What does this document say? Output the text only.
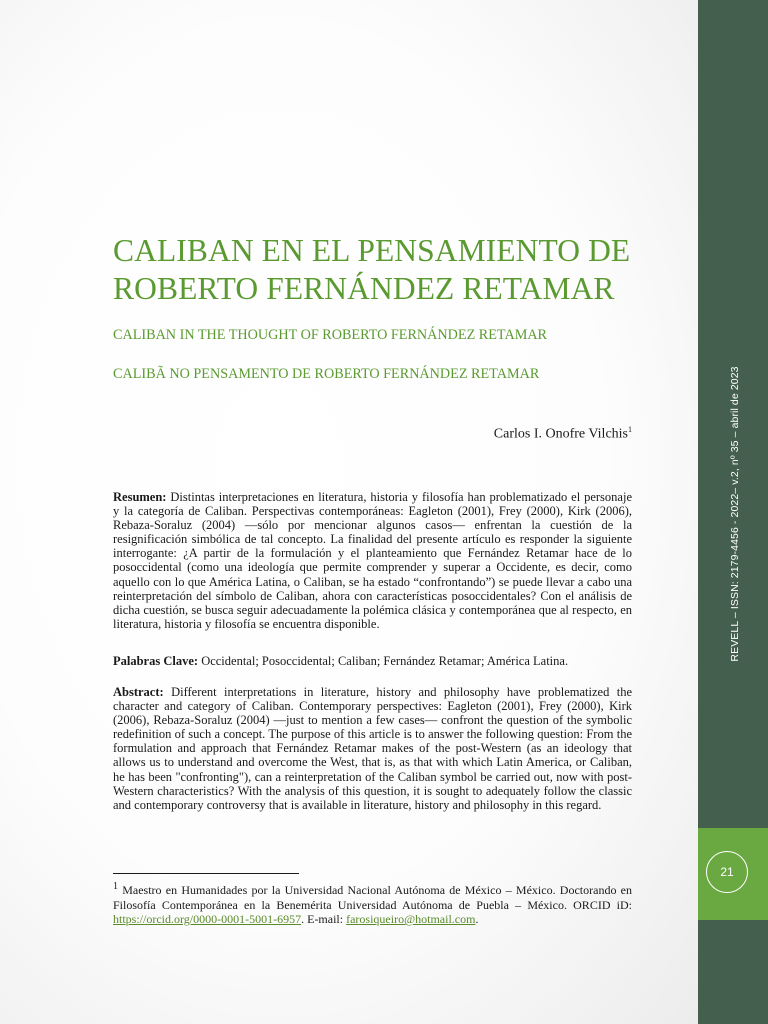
CALIBAN EN EL PENSAMIENTO DE
ROBERTO FERNÁNDEZ RETAMAR
CALIBAN IN THE THOUGHT OF ROBERTO FERNÁNDEZ RETAMAR
CALIBÃ NO PENSAMENTO DE ROBERTO FERNÁNDEZ RETAMAR

Carlos I. Onofre Vilchis$^1$

Resumen: Distintas interpretaciones en literatura, historia y filosofía han problematizado el personaje y la categoría de Caliban. Perspectivas contemporáneas: Eagleton (2001), Frey (2000), Kirk (2006), Rebaza-Soraluz (2004) —sólo por mencionar algunos casos— enfrentan la cuestión de la resignificación simbólica de tal concepto. La finalidad del presente artículo es responder la siguiente interrogante: ¿A partir de la formulación y el planteamiento que Fernández Retamar hace de lo posoccidental (como una ideología que permite comprender y superar a Occidente, es decir, como aquello con lo que América Latina, o Caliban, se ha estado “confrontando”) se puede llevar a cabo una reinterpretación del símbolo de Caliban, ahora con características posoccidentales? Con el análisis de dicha cuestión, se busca seguir adecuadamente la polémica clásica y contemporánea que al respecto, en literatura, historia y filosofía se encuentra disponible.

Palabras Clave: Occidental; Posoccidental; Caliban; Fernández Retamar; América Latina.

Abstract: Different interpretations in literature, history and philosophy have problematized the character and category of Caliban. Contemporary perspectives: Eagleton (2001), Frey (2000), Kirk (2006), Rebaza-Soraluz (2004) —just to mention a few cases— confront the question of the symbolic redefinition of such a concept. The purpose of this article is to answer the following question: From the formulation and approach that Fernández Retamar makes of the post-Western (as an ideology that allows us to understand and overcome the West, that is, as that with which Latin America, or Caliban, he has been "confronting"), can a reinterpretation of the Caliban symbol be carried out, now with post-Western characteristics? With the analysis of this question, it is sought to adequately follow the classic and contemporary controversy that is available in literature, history and philosophy in this regard.

$^1$ Maestro en Humanidades por la Universidad Nacional Autónoma de México – México. Doctorando en Filosofía Contemporánea en la Benemérita Universidad Autónoma de Puebla – México. ORCID iD: https://orcid.org/0000-0001-5001-6957. E-mail: farosiqueiro@hotmail.com.

REVELL – ISSN: 2179-4456 - 2022– v.2, nº 35 – abril de 2023
21
